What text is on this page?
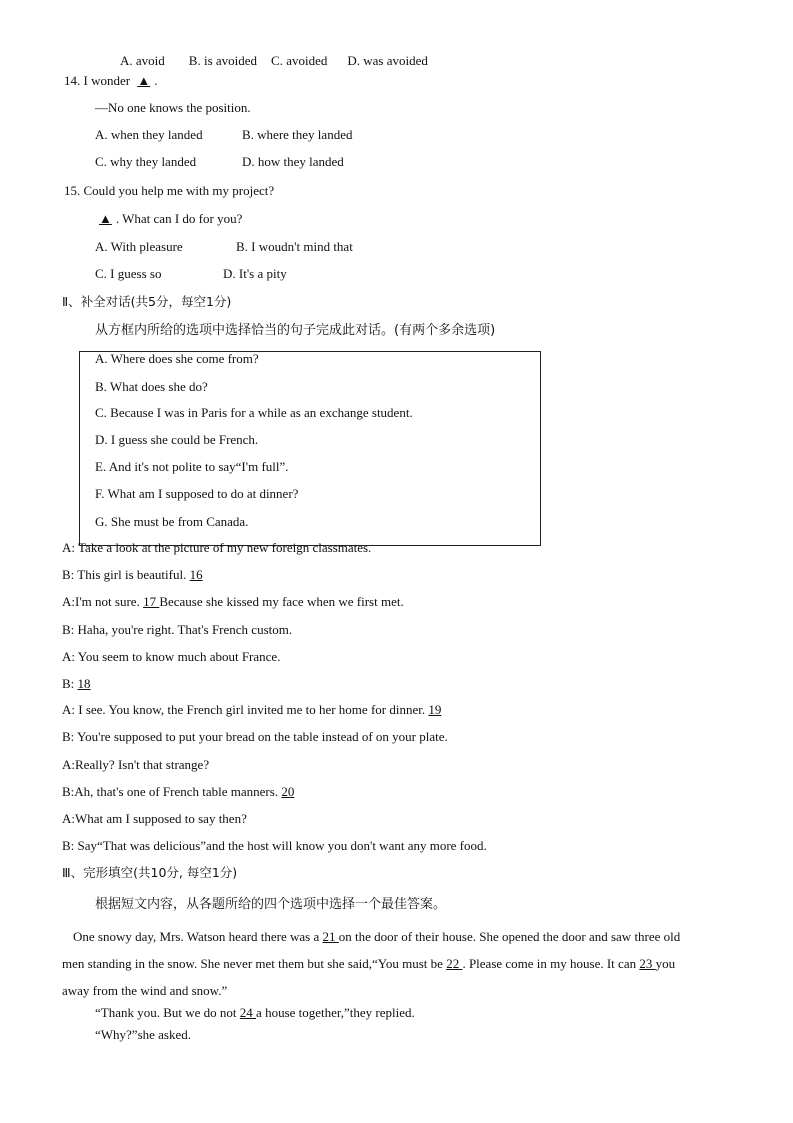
A. avoid B. is avoided C. avoided D. was avoided
14. I wonder ▲ .
—No one knows the position.
A. when they landed	B. where they landed
C. why they landed	D. how they landed
15. Could you help me with my project?
▲ . What can I do for you?
A. With pleasure	B. I woudn't mind that
C. I guess so	D. It's a pity
Ⅱ、补全对话(共5分，每空1分)
从方框内所给的选项中选择恰当的句子完成此对话。(有两个多余选项)
A. Where does she come from?
B. What does she do?
C. Because I was in Paris for a while as an exchange student.
D. I guess she could be French.
E. And it's not polite to say“I'm full”.
F. What am I supposed to do at dinner?
G. She must be from Canada.
A: Take a look at the picture of my new foreign classmates.
B: This girl is beautiful. 16
A:I'm not sure. 17 Because she kissed my face when we first met.
B: Haha, you're right. That's French custom.
A: You seem to know much about France.
B: 18
A: I see. You know, the French girl invited me to her home for dinner. 19
B: You're supposed to put your bread on the table instead of on your plate.
A:Really? Isn't that strange?
B:Ah, that's one of French table manners. 20
A:What am I supposed to say then?
B: Say“That was delicious”and the host will know you don't want any more food.
Ⅲ、完形填空(共10分, 每空1分)
根据短文内容，从各题所给的四个选项中选择一个最佳答案。
One snowy day, Mrs. Watson heard there was a 21 on the door of their house. She opened the door and saw three old
men standing in the snow. She never met them but she said,“You must be 22 . Please come in my house. It can 23 you
away from the wind and snow.”
“Thank you. But we do not 24 a house together,”they replied.
“Why?”she asked.
